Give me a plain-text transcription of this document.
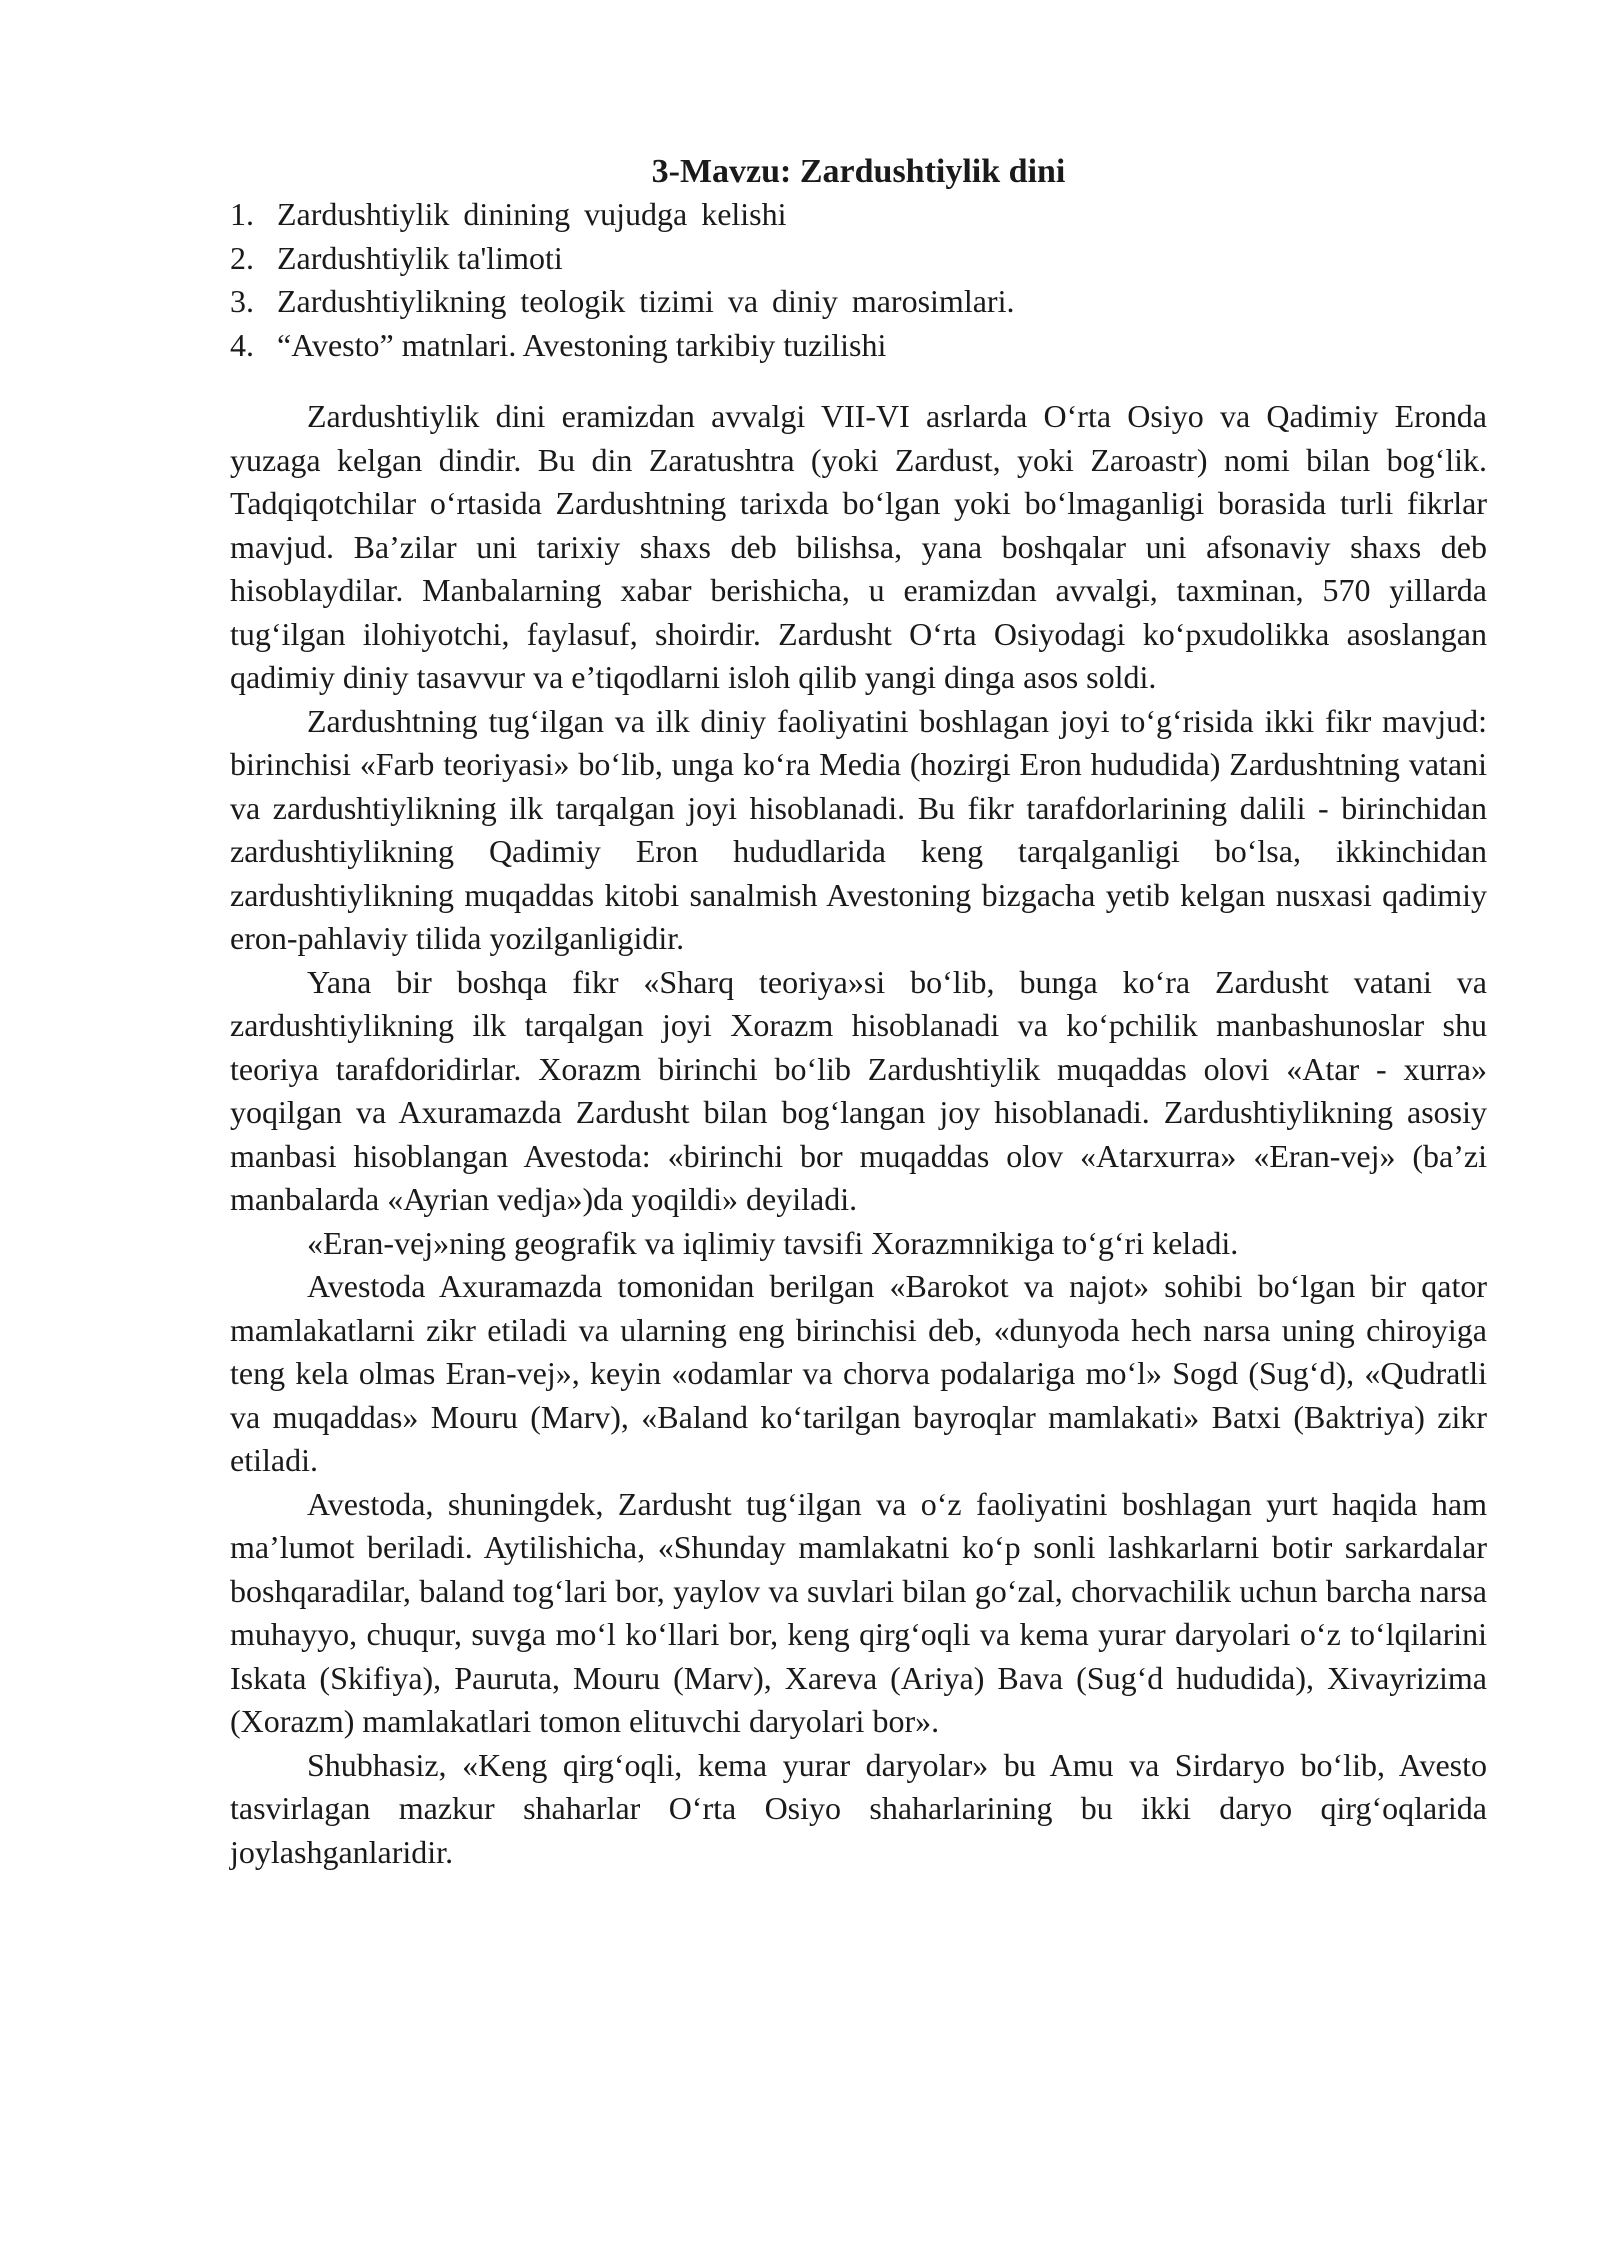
3-Mavzu: Zardushtiylik dini
1. Zardushtiylik dinining vujudga kelishi
2. Zardushtiylik ta'limoti
3. Zardushtiylikning teologik tizimi va diniy marosimlari.
4. “Avesto” matnlari. Avestoning tarkibiy tuzilishi

Zardushtiylik dini eramizdan avvalgi VII-VI asrlarda O‘rta Osiyo va Qadimiy Eronda yuzaga kelgan dindir. Bu din Zaratushtra (yoki Zardust, yoki Zaroastr) nomi bilan bog‘lik. Tadqiqotchilar o‘rtasida Zardushtning tarixda bo‘lgan yoki bo‘lmaganligi borasida turli fikrlar mavjud. Ba’zilar uni tarixiy shaxs deb bilishsa, yana boshqalar uni afsonaviy shaxs deb hisoblaydilar. Manbalarning xabar berishicha, u eramizdan avvalgi, taxminan, 570 yillarda tug‘ilgan ilohiyotchi, faylasuf, shoirdir. Zardusht O‘rta Osiyodagi ko‘pxudolikka asoslangan qadimiy diniy tasavvur va e’tiqodlarni isloh qilib yangi dinga asos soldi.

Zardushtning tug‘ilgan va ilk diniy faoliyatini boshlagan joyi to‘g‘risida ikki fikr mavjud: birinchisi «Farb teoriyasi» bo‘lib, unga ko‘ra Media (hozirgi Eron hududida) Zardushtning vatani va zardushtiylikning ilk tarqalgan joyi hisoblanadi. Bu fikr tarafdorlarining dalili - birinchidan zardushtiylikning Qadimiy Eron hududlarida keng tarqalganligi bo‘lsa, ikkinchidan zardushtiylikning muqaddas kitobi sanalmish Avestoning bizgacha yetib kelgan nusxasi qadimiy eron-pahlaviy tilida yozilganligidir.

Yana bir boshqa fikr «Sharq teoriya»si bo‘lib, bunga ko‘ra Zardusht vatani va zardushtiylikning ilk tarqalgan joyi Xorazm hisoblanadi va ko‘pchilik manbashunoslar shu teoriya tarafdoridirlar. Xorazm birinchi bo‘lib Zardushtiylik muqaddas olovi «Atar - xurra» yoqilgan va Axuramazda Zardusht bilan bog‘langan joy hisoblanadi. Zardushtiylikning asosiy manbasi hisoblangan Avestoda: «birinchi bor muqaddas olov «Atarxurra» «Eran-vej» (ba’zi manbalarda «Ayrian vedja»)da yoqildi» deyiladi.

«Eran-vej»ning geografik va iqlimiy tavsifi Xorazmnikiga to‘g‘ri keladi.

Avestoda Axuramazda tomonidan berilgan «Barokot va najot» sohibi bo‘lgan bir qator mamlakatlarni zikr etiladi va ularning eng birinchisi deb, «dunyoda hech narsa uning chiroyiga teng kela olmas Eran-vej», keyin «odamlar va chorva podalariga mo‘l» Sogd (Sug‘d), «Qudratli va muqaddas» Mouru (Marv), «Baland ko‘tarilgan bayroqlar mamlakati» Batxi (Baktriya) zikr etiladi.

Avestoda, shuningdek, Zardusht tug‘ilgan va o‘z faoliyatini boshlagan yurt haqida ham ma’lumot beriladi. Aytilishicha, «Shunday mamlakatni ko‘p sonli lashkarlarni botir sarkardalar boshqaradilar, baland tog‘lari bor, yaylov va suvlari bilan go‘zal, chorvachilik uchun barcha narsa muhayyo, chuqur, suvga mo‘l ko‘llari bor, keng qirg‘oqli va kema yurar daryolari o‘z to‘lqilarini Iskata (Skifiya), Pauruta, Mouru (Marv), Xareva (Ariya) Bava (Sug‘d hududida), Xivayrizima (Xorazm) mamlakatlari tomon elituvchi daryolari bor».

Shubhasiz, «Keng qirg‘oqli, kema yurar daryolar» bu Amu va Sirdaryo bo‘lib, Avesto tasvirlagan mazkur shaharlar O‘rta Osiyo shaharlarining bu ikki daryo qirg‘oqlarida joylashganlaridir.
